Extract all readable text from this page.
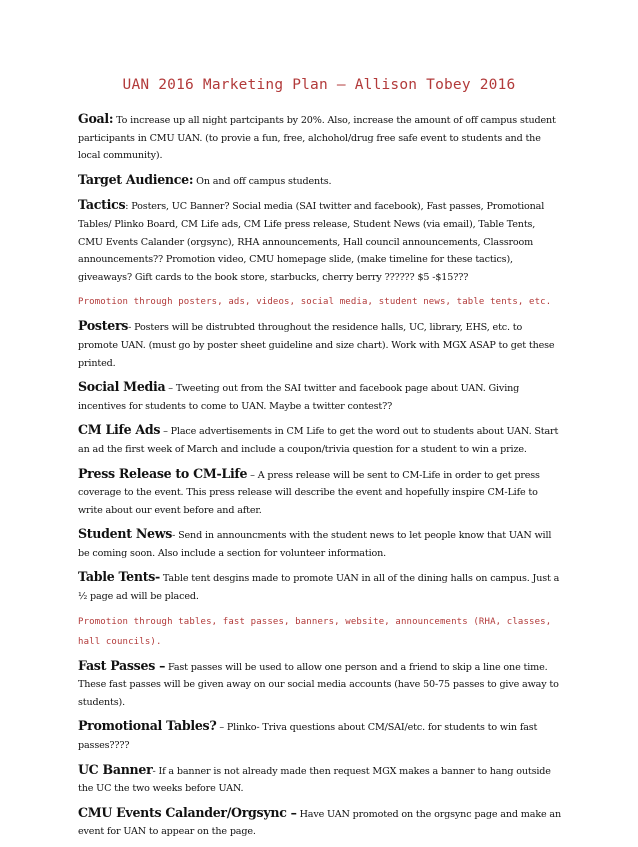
UAN 2016 Marketing Plan – Allison Tobey 2016

Goal: To increase up all night partcipants by 20%. Also, increase the amount of off campus student participants in CMU UAN. (to provie a fun, free, alchohol/drug free safe event to students and the local community).

Target Audience: On and off campus students.

Tactics: Posters, UC Banner? Social media (SAI twitter and facebook), Fast passes, Promotional Tables/ Plinko Board, CM Life ads, CM Life press release, Student News (via email), Table Tents, CMU Events Calander (orgsync), RHA announcements, Hall council announcements, Classroom announcements?? Promotion video, CMU homepage slide, (make timeline for these tactics), giveaways? Gift cards to the book store, starbucks, cherry berry ?????? $5 -$15???

Promotion through posters, ads, videos, social media, student news, table tents, etc.

Posters- Posters will be distrubted throughout the residence halls, UC, library, EHS, etc. to promote UAN. (must go by poster sheet guideline and size chart). Work with MGX ASAP to get these printed.

Social Media – Tweeting out from the SAI twitter and facebook page about UAN. Giving incentives for students to come to UAN. Maybe a twitter contest??

CM Life Ads – Place advertisements in CM Life to get the word out to students about UAN. Start an ad the first week of March and include a coupon/trivia question for a student to win a prize.

Press Release to CM-Life – A press release will be sent to CM-Life in order to get press coverage to the event. This press release will describe the event and hopefully inspire CM-Life to write about our event before and after.

Student News- Send in announcments with the student news to let people know that UAN will be coming soon. Also include a section for volunteer information.

Table Tents- Table tent desgins made to promote UAN in all of the dining halls on campus. Just a ½ page ad will be placed.

Promotion through tables, fast passes, banners, website, announcements (RHA, classes, hall councils).

Fast Passes – Fast passes will be used to allow one person and a friend to skip a line one time. These fast passes will be given away on our social media accounts (have 50-75 passes to give away to students).

Promotional Tables? – Plinko- Triva questions about CM/SAI/etc. for students to win fast passes????

UC Banner- If a banner is not already made then request MGX makes a banner to hang outside the UC the two weeks before UAN.

CMU Events Calander/Orgsync – Have UAN promoted on the orgsync page and make an event for UAN to appear on the page.
